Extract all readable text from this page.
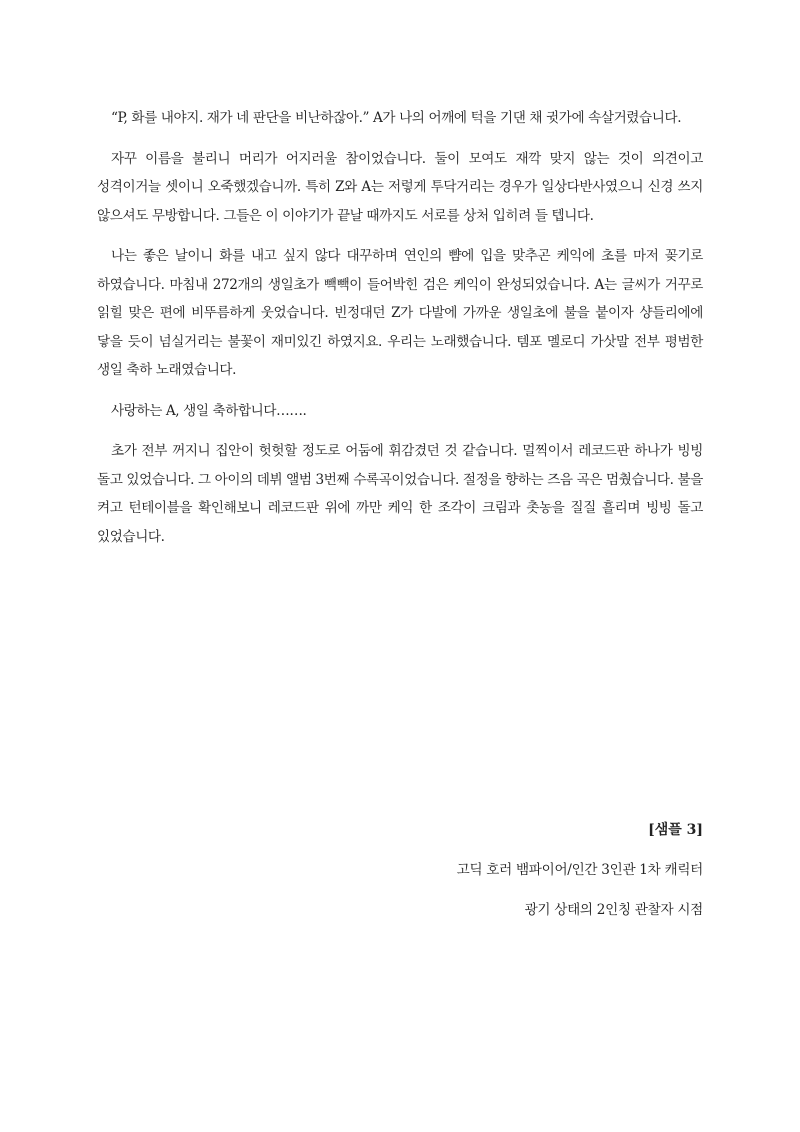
“P, 화를 내야지. 재가 네 판단을 비난하잖아.” A가 나의 어깨에 턱을 기댄 채 귓가에 속살거렸습니다.

자꾸 이름을 불리니 머리가 어지러울 참이었습니다. 둘이 모여도 재깍 맞지 않는 것이 의견이고 성격이거늘 셋이니 오죽했겠습니까. 특히 Z와 A는 저렇게 투닥거리는 경우가 일상다반사였으니 신경 쓰지 않으셔도 무방합니다. 그들은 이 이야기가 끝날 때까지도 서로를 상처 입히려 들 텝니다.

나는 좋은 날이니 화를 내고 싶지 않다 대꾸하며 연인의 뺨에 입을 맞추곤 케익에 초를 마저 꽂기로 하였습니다. 마침내 272개의 생일초가 빽빽이 들어박힌 검은 케익이 완성되었습니다. A는 글씨가 거꾸로 읽힐 맞은 편에 비뚜름하게 웃었습니다. 빈정대던 Z가 다발에 가까운 생일초에 불을 붙이자 샹들리에에 닿을 듯이 넘실거리는 불꽃이 재미있긴 하였지요. 우리는 노래했습니다. 템포 멜로디 가삿말 전부 평범한 생일 축하 노래였습니다.

사랑하는 A, 생일 축하합니다…….

초가 전부 꺼지니 집안이 헛헛할 정도로 어둠에 휘감겼던 것 같습니다. 멀찍이서 레코드판 하나가 빙빙 돌고 있었습니다. 그 아이의 데뷔 앨범 3번째 수록곡이었습니다. 절정을 향하는 즈음 곡은 멈췄습니다. 불을 켜고 턴테이블을 확인해보니 레코드판 위에 까만 케익 한 조각이 크림과 촛농을 질질 흘리며 빙빙 돌고 있었습니다.

[샘플 3]
고딕 호러 뱀파이어/인간 3인관 1차 캐릭터
광기 상태의 2인칭 관찰자 시점
